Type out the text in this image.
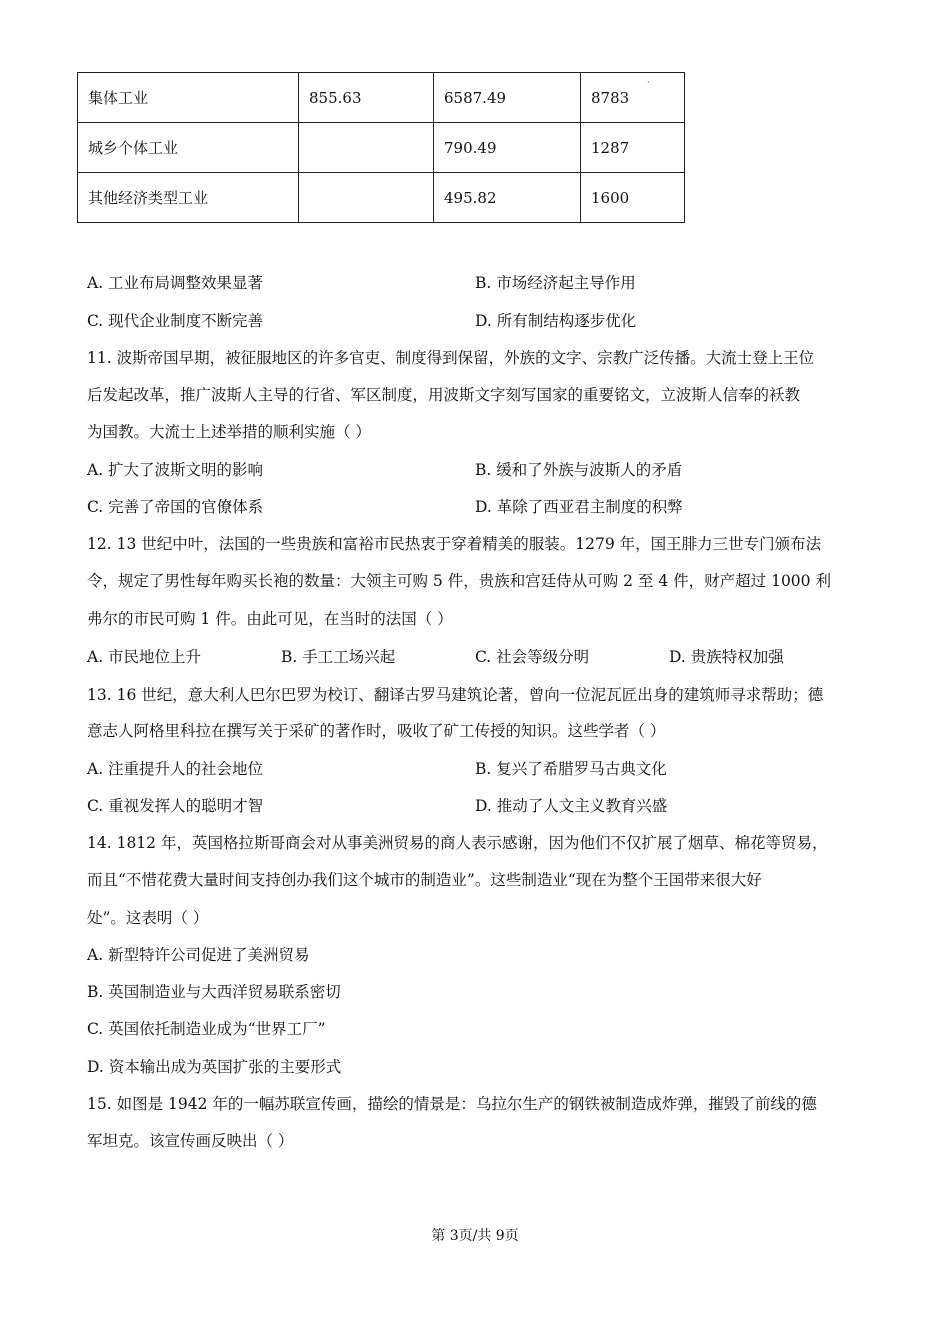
集体工业	855.63	6587.49	8783
城乡个体工业		790.49	1287
其他经济类型工业		495.82	1600
·
A. 工业布局调整效果显著	B. 市场经济起主导作用
C. 现代企业制度不断完善	D. 所有制结构逐步优化
11. 波斯帝国早期，被征服地区的许多官吏、制度得到保留，外族的文字、宗教广泛传播。大流士登上王位
后发起改革，推广波斯人主导的行省、军区制度，用波斯文字刻写国家的重要铭文，立波斯人信奉的袄教
为国教。大流士上述举措的顺利实施（ ）
A. 扩大了波斯文明的影响	B. 缓和了外族与波斯人的矛盾
C. 完善了帝国的官僚体系	D. 革除了西亚君主制度的积弊
12. 13 世纪中叶，法国的一些贵族和富裕市民热衷于穿着精美的服装。1279 年，国王腓力三世专门颁布法
令，规定了男性每年购买长袍的数量：大领主可购 5 件，贵族和宫廷侍从可购 2 至 4 件，财产超过 1000 利
弗尔的市民可购 1 件。由此可见，在当时的法国（ ）
A. 市民地位上升	B. 手工工场兴起	C. 社会等级分明	D. 贵族特权加强
13. 16 世纪，意大利人巴尔巴罗为校订、翻译古罗马建筑论著，曾向一位泥瓦匠出身的建筑师寻求帮助；德
意志人阿格里科拉在撰写关于采矿的著作时，吸收了矿工传授的知识。这些学者（ ）
A. 注重提升人的社会地位	B. 复兴了希腊罗马古典文化
C. 重视发挥人的聪明才智	D. 推动了人文主义教育兴盛
14. 1812 年，英国格拉斯哥商会对从事美洲贸易的商人表示感谢，因为他们不仅扩展了烟草、棉花等贸易，
而且“不惜花费大量时间支持创办我们这个城市的制造业”。这些制造业“现在为整个王国带来很大好
处”。这表明（ ）
A. 新型特许公司促进了美洲贸易
B. 英国制造业与大西洋贸易联系密切
C. 英国依托制造业成为“世界工厂”
D. 资本输出成为英国扩张的主要形式
15. 如图是 1942 年的一幅苏联宣传画，描绘的情景是：乌拉尔生产的钢铁被制造成炸弹，摧毁了前线的德
军坦克。该宣传画反映出（ ）
第 3页/共 9页
